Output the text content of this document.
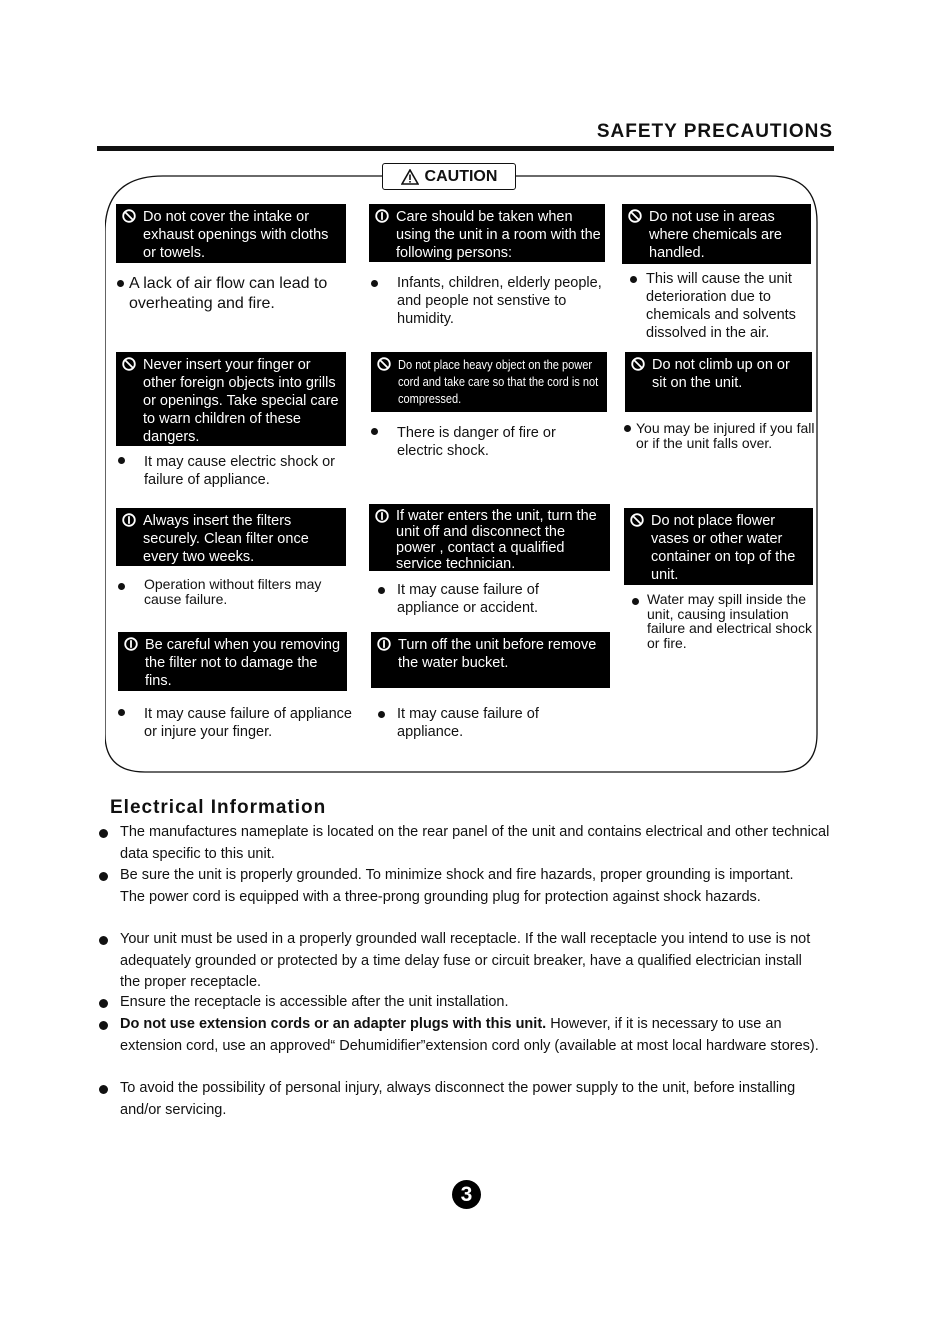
SAFETY PRECAUTIONS
CAUTION
Do not cover the intake or exhaust openings with cloths or towels.
A lack of air flow can lead to overheating and fire.
Never insert your finger or other foreign objects into grills or openings. Take special care to warn children of these dangers.
It may cause electric shock or failure of appliance.
Always insert the filters securely. Clean filter once every two weeks.
Operation without filters may cause failure.
Be careful when you removing the filter not to damage the fins.
It may cause failure of appliance or injure your finger.
Care should be taken when using the unit in a room with the following persons:
Infants, children, elderly people, and people not senstive to humidity.
Do not place heavy object on the power cord and take care so that the cord is not compressed.
There is danger of fire or electric shock.
If water enters the unit, turn the unit off and disconnect the power , contact a qualified service technician.
It may cause failure of appliance or accident.
Turn off the unit before remove the water bucket.
It may cause failure of appliance.
Do not use in areas where chemicals are handled.
This will cause the unit deterioration due to chemicals and solvents dissolved in the air.
Do not climb up on or sit on the unit.
You may be injured if you fall or if the unit falls over.
Do not place flower vases or other water container on top of the unit.
Water may spill inside the unit, causing insulation failure and electrical shock or fire.
Electrical Information
The manufactures nameplate is located on the rear panel of the unit and contains electrical and other technical data specific to this unit.
Be sure the unit is properly grounded. To minimize shock and fire hazards, proper grounding is important. The power cord is equipped with a three-prong grounding plug for protection against shock hazards.
Your unit must be used in a properly grounded wall receptacle. If the wall receptacle you intend to use is not adequately grounded or protected by a time delay fuse or circuit breaker, have a qualified electrician install the proper receptacle.
Ensure the receptacle is accessible after the unit installation.
Do not use extension cords or an adapter plugs with this unit. However, if it is necessary to use an extension cord, use an approved“ Dehumidifier”extension cord only (available at most local hardware stores).
To avoid the possibility of personal injury, always disconnect the power supply to the unit, before installing and/or servicing.
3
